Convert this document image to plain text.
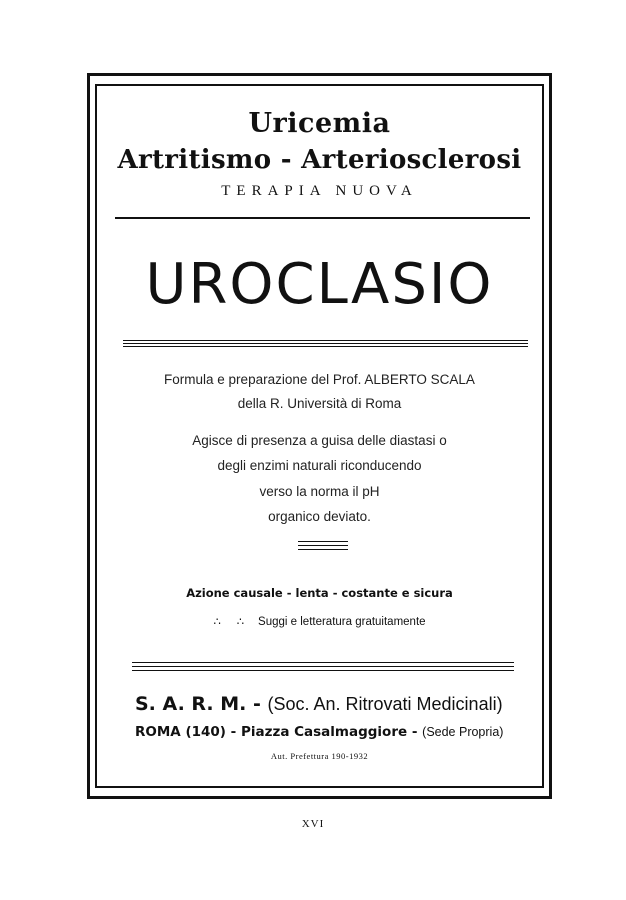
Uricemia
Artritismo - Arteriosclerosi
TERAPIA NUOVA
UROCLASIO
Formula e preparazione del Prof. ALBERTO SCALA
della R. Università di Roma
Agisce di presenza a guisa delle diastasi o
degli enzimi naturali riconducendo
verso la norma il pH
organico deviato.
Azione causale - lenta - costante e sicura
∴     ∴ Suggi e letteratura gratuitamente
S. A. R. M. - (Soc. An. Ritrovati Medicinali)
ROMA (140) - Piazza Casalmaggiore - (Sede Propria)
Aut. Prefettura 190-1932
XVI
